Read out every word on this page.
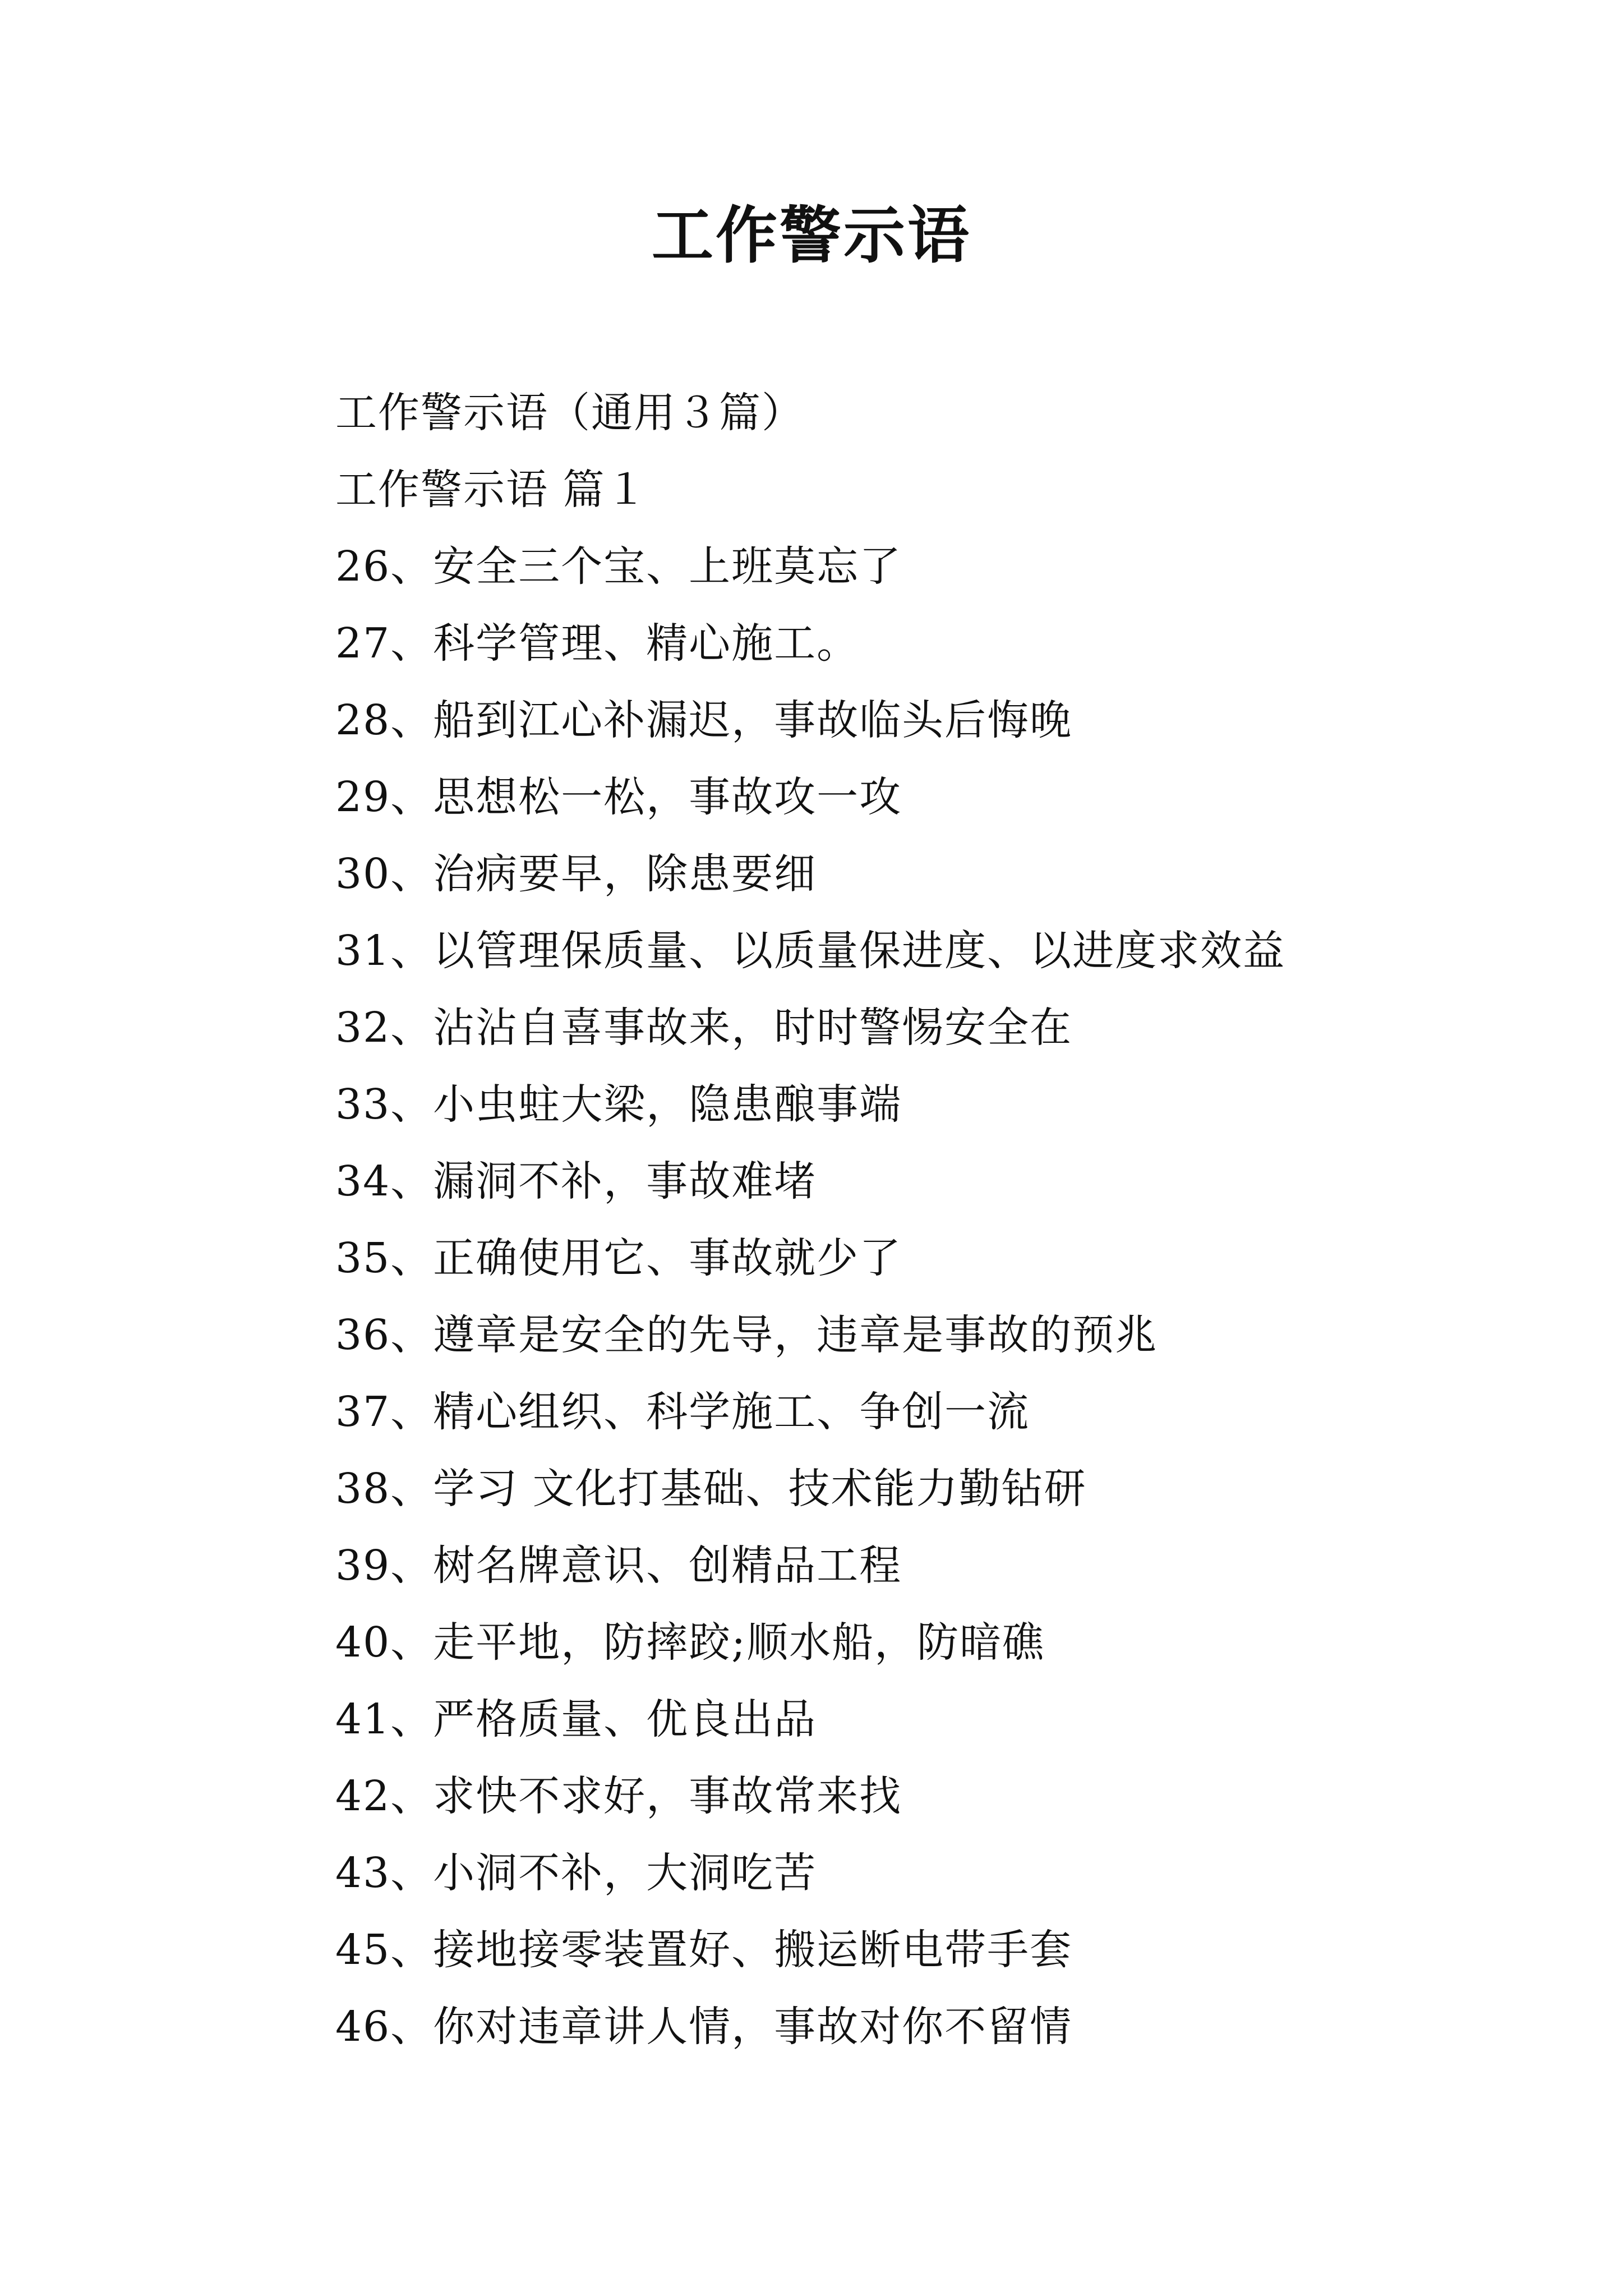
工作警示语
工作警示语（通用３篇）
工作警示语 篇１
26、安全三个宝、上班莫忘了
27、科学管理、精心施工。
28、船到江心补漏迟，事故临头后悔晚
29、思想松一松，事故攻一攻
30、治病要早，除患要细
31、以管理保质量、以质量保进度、以进度求效益
32、沾沾自喜事故来，时时警惕安全在
33、小虫蛀大梁，隐患酿事端
34、漏洞不补，事故难堵
35、正确使用它、事故就少了
36、遵章是安全的先导，违章是事故的预兆
37、精心组织、科学施工、争创一流
38、学习 文化打基础、技术能力勤钻研
39、树名牌意识、创精品工程
40、走平地，防摔跤;顺水船，防暗礁
41、严格质量、优良出品
42、求快不求好，事故常来找
43、小洞不补，大洞吃苦
45、接地接零装置好、搬运断电带手套
46、你对违章讲人情，事故对你不留情
